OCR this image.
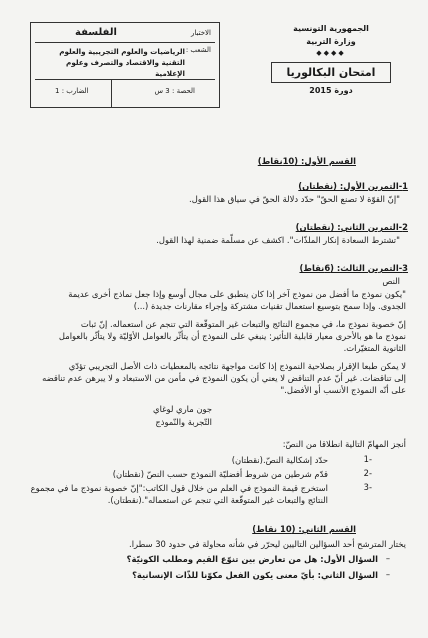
الجمهورية التونسية
وزارة التربية
◆◆◆◆
امتحان البكالوريا
دورة 2015
الاختبار
الفلسفة
الشعب :
الرياضيات والعلوم التجريبية والعلوم التقنية والاقتصاد والتصرف وعلوم الإعلامية
الحصة : 3 س
الضارب : 1
القسم الأول: (10نقاط)
1-التمرين الأول: (نقطتان)
"إنّ القوّة لا تصنع الحقّ" حدّد دلالة الحقّ في سياق هذا القول.
2-التمرين الثاني: (نقطتان)
"تشترط السعادة إنكار الملذّات". اكشف عن مسلّمة ضمنية لهذا القول.
3-التمرين الثالث: (6نقاط)
النص
"يكون نموذج ما أفضل من نموذج آخر إذا كان ينطبق على مجال أوسع وإذا جعل نماذج أخرى عديمة
الجدوى. وإذا سمح بتوسيع استعمال تقنيات مشتركة وإجراء مقارنات جديدة (...)
إنّ خصوبة نموذج ما، في مجموع النتائج والتبعات غير المتوقّعة التي تنجم عن استعماله. إنّ ثبات
نموذج ما هو بالأحرى معيار قابلية التأثير: ينبغي على النموذج أن يتأثّر بالعوامل الأوّليّة ولا يتأثّر بالعوامل
الثانوية المتغيّرات.
لا يمكن طبعا الإقرار بصلاحية النموذج إذا كانت مواجهة نتائجه بالمعطيات ذات الأصل التجريبي تؤدّي
إلى تناقضات. غير أنّ عدم التناقض لا يعني أن يكون النموذج في مأمن من الاستبعاد و لا يبرهن عدم تناقضه
على أنّه النموذج الأنسب أو الأفضل."
جون ماري لوغاي
التّجربة والنّموذج
أنجز المهامّ التالية انطلاقا من النصّ:
-1
حدّد إشكالية النصّ.(نقطتان)
-2
قدّم شرطين من شروط أفضليّة النموذج حسب النصّ (نقطتان)
-3
استخرج قيمة النموذج في العلم من خلال قول الكاتب:"إنّ خصوبة نموذج ما في مجموع
النتائج والتبعات غير المتوقّعة التي تنجم عن استعماله".(نقطتان).
القسم الثاني: (10 نقاط)
يختار المترشح أحد السؤالين التاليين ليحرّر في شأنه محاولة في حدود 30 سطرا.
–
السؤال الأول: هل من تعارض بين تنوّع القيم ومطلب الكونيّة؟
–
السؤال الثاني: بأيّ معنى يكون الفعل مكوّنا للذّات الإنسانية؟
